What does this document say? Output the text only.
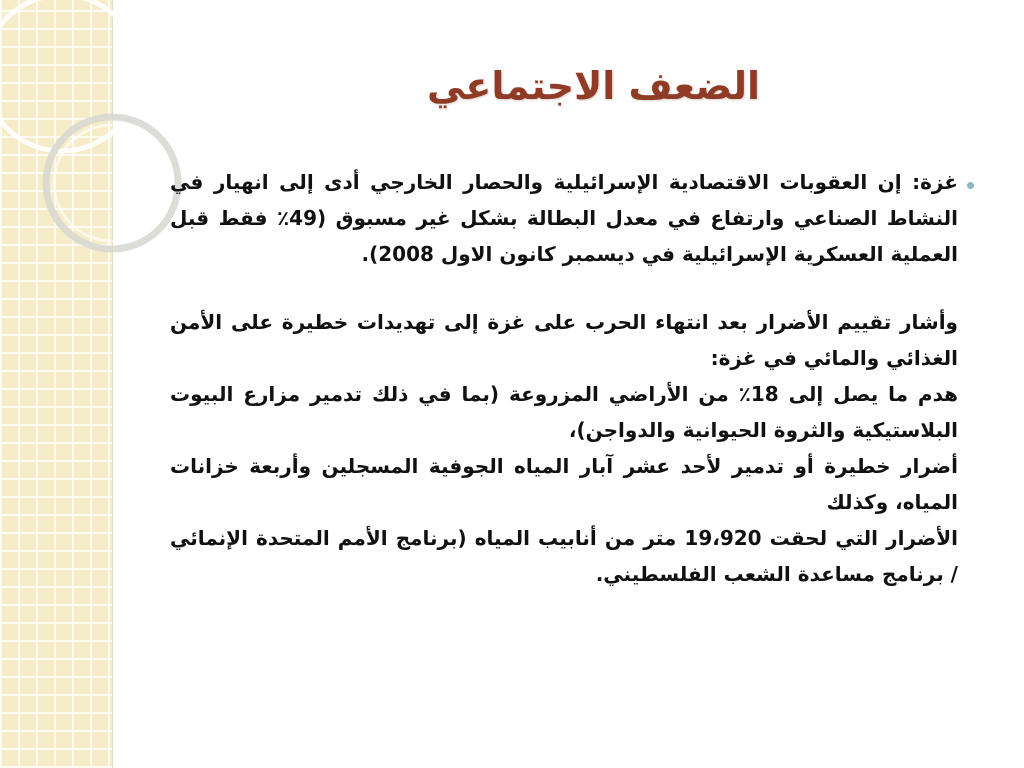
الضعف الاجتماعي

غزة: إن العقوبات الاقتصادية الإسرائيلية والحصار الخارجي أدى إلى انهيار في النشاط الصناعي وارتفاع في معدل البطالة بشكل غير مسبوق (49٪ فقط قبل العملية العسكرية الإسرائيلية في ديسمبر كانون الاول 2008).

وأشار تقييم الأضرار بعد انتهاء الحرب على غزة إلى تهديدات خطيرة على الأمن الغذائي والمائي في غزة:

هدم ما يصل إلى 18٪ من الأراضي المزروعة (بما في ذلك تدمير مزارع البيوت البلاستيكية والثروة الحيوانية والدواجن)،

أضرار خطيرة أو تدمير لأحد عشر آبار المياه الجوفية المسجلين وأربعة خزانات المياه، وكذلك

الأضرار التي لحقت 19،920 متر من أنابيب المياه (برنامج الأمم المتحدة الإنمائي / برنامج مساعدة الشعب الفلسطيني.
